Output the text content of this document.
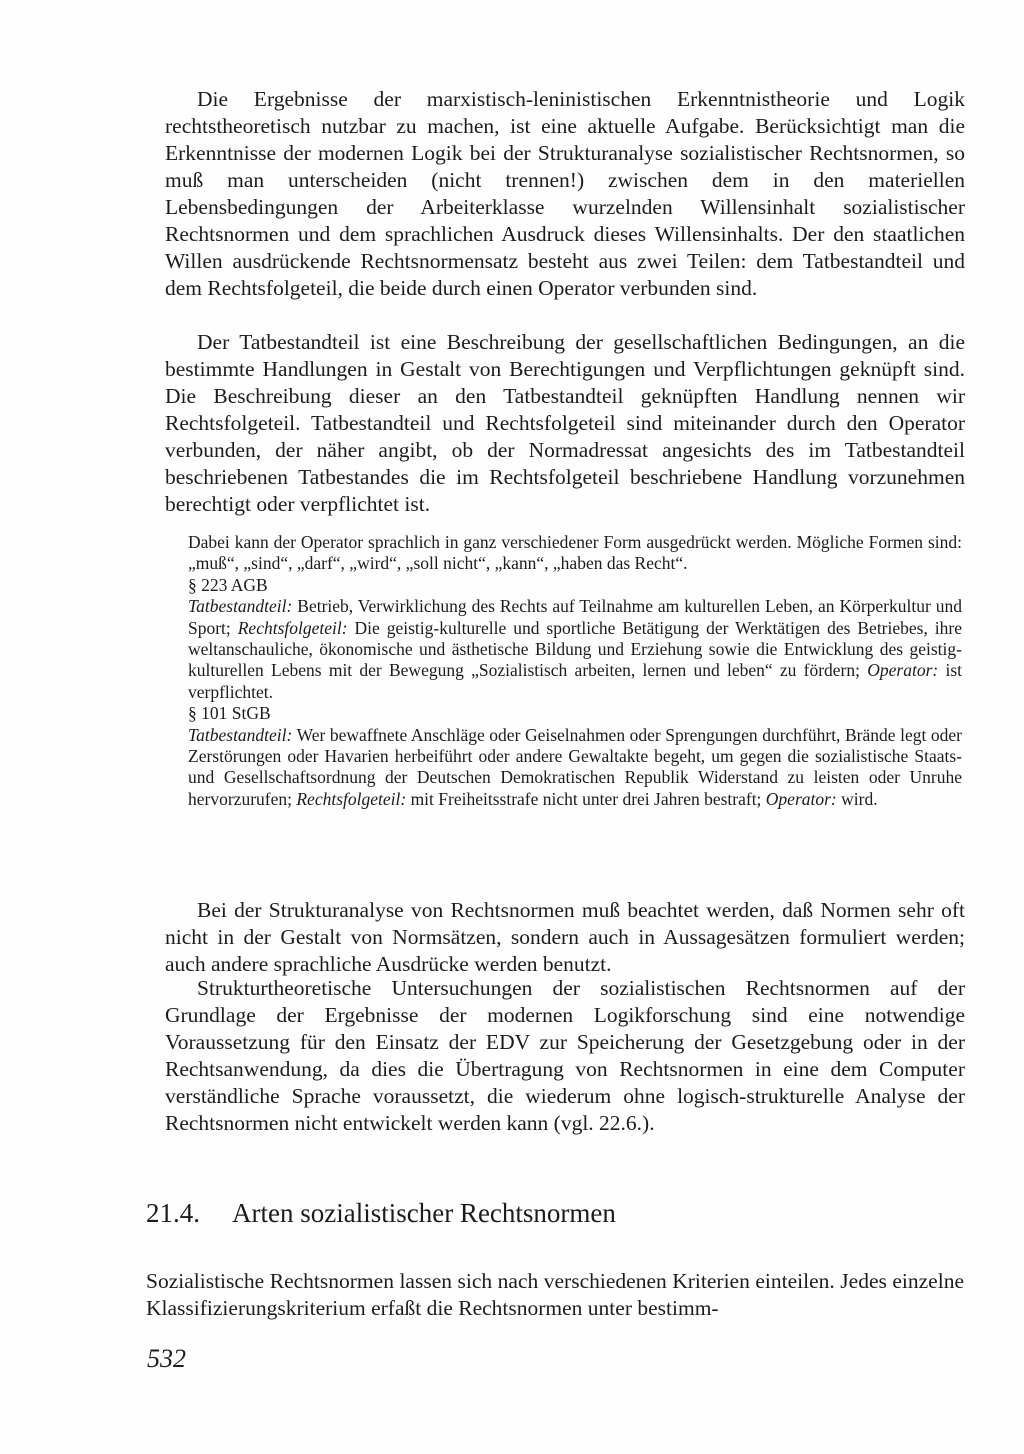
Die Ergebnisse der marxistisch-leninistischen Erkenntnistheorie und Logik rechtstheoretisch nutzbar zu machen, ist eine aktuelle Aufgabe. Berücksichtigt man die Erkenntnisse der modernen Logik bei der Strukturanalyse sozialistischer Rechtsnormen, so muß man unterscheiden (nicht trennen!) zwischen dem in den materiellen Lebensbedingungen der Arbeiterklasse wurzelnden Willensinhalt sozialistischer Rechtsnormen und dem sprachlichen Ausdruck dieses Willensinhalts. Der den staatlichen Willen ausdrückende Rechtsnormensatz besteht aus zwei Teilen: dem Tatbestandteil und dem Rechtsfolgeteil, die beide durch einen Operator verbunden sind.

Der Tatbestandteil ist eine Beschreibung der gesellschaftlichen Bedingungen, an die bestimmte Handlungen in Gestalt von Berechtigungen und Verpflichtungen geknüpft sind. Die Beschreibung dieser an den Tatbestandteil geknüpften Handlung nennen wir Rechtsfolgeteil. Tatbestandteil und Rechtsfolgeteil sind miteinander durch den Operator verbunden, der näher angibt, ob der Normadressat angesichts des im Tatbestandteil beschriebenen Tatbestandes die im Rechtsfolgeteil beschriebene Handlung vorzunehmen berechtigt oder verpflichtet ist.

Dabei kann der Operator sprachlich in ganz verschiedener Form ausgedrückt werden. Mögliche Formen sind: „muß“, „sind“, „darf“, „wird“, „soll nicht“, „kann“, „haben das Recht“.

§ 223 AGB

Tatbestandteil: Betrieb, Verwirklichung des Rechts auf Teilnahme am kulturellen Leben, an Körperkultur und Sport; Rechtsfolgeteil: Die geistig-kulturelle und sportliche Betätigung der Werktätigen des Betriebes, ihre weltanschauliche, ökonomische und ästhetische Bildung und Erziehung sowie die Entwicklung des geistig-kulturellen Lebens mit der Bewegung „Sozialistisch arbeiten, lernen und leben“ zu fördern; Operator: ist verpflichtet.

§ 101 StGB

Tatbestandteil: Wer bewaffnete Anschläge oder Geiselnahmen oder Sprengungen durchführt, Brände legt oder Zerstörungen oder Havarien herbeiführt oder andere Gewaltakte begeht, um gegen die sozialistische Staats- und Gesellschaftsordnung der Deutschen Demokratischen Republik Widerstand zu leisten oder Unruhe hervorzurufen; Rechtsfolgeteil: mit Freiheitsstrafe nicht unter drei Jahren bestraft; Operator: wird.

Bei der Strukturanalyse von Rechtsnormen muß beachtet werden, daß Normen sehr oft nicht in der Gestalt von Normsätzen, sondern auch in Aussagesätzen formuliert werden; auch andere sprachliche Ausdrücke werden benutzt.

Strukturtheoretische Untersuchungen der sozialistischen Rechtsnormen auf der Grundlage der Ergebnisse der modernen Logikforschung sind eine notwendige Voraussetzung für den Einsatz der EDV zur Speicherung der Gesetzgebung oder in der Rechtsanwendung, da dies die Übertragung von Rechtsnormen in eine dem Computer verständliche Sprache voraussetzt, die wiederum ohne logisch-strukturelle Analyse der Rechtsnormen nicht entwickelt werden kann (vgl. 22.6.).

21.4. Arten sozialistischer Rechtsnormen

Sozialistische Rechtsnormen lassen sich nach verschiedenen Kriterien einteilen. Jedes einzelne Klassifizierungskriterium erfaßt die Rechtsnormen unter bestimm-

532
